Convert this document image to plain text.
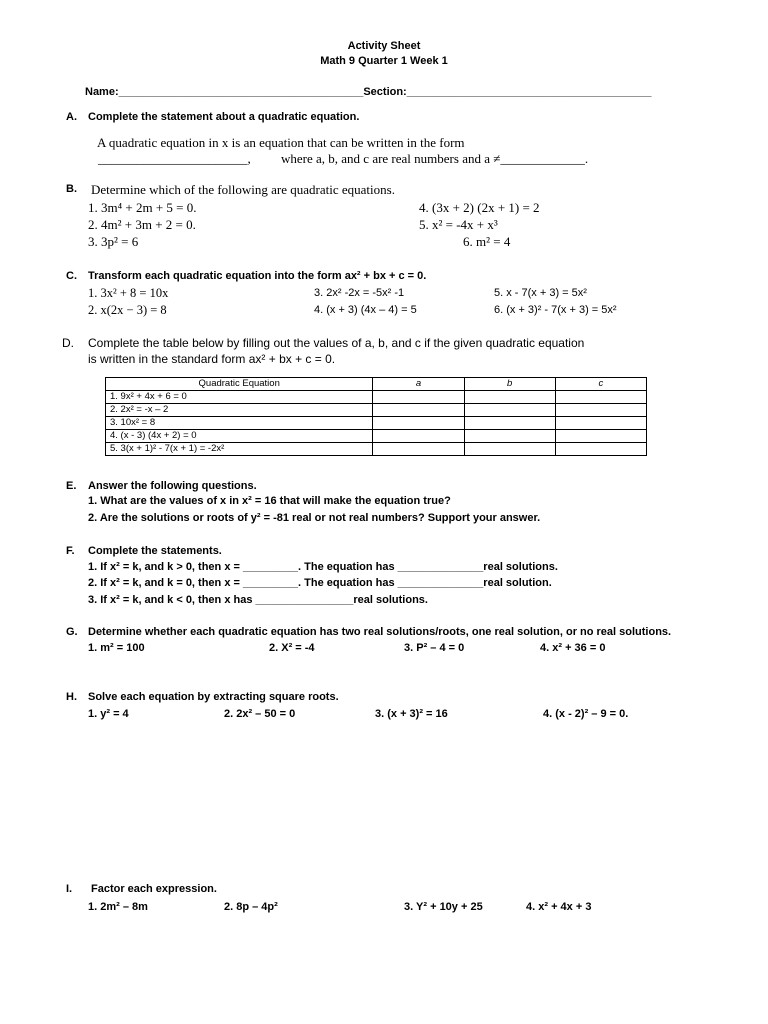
Activity Sheet
Math 9 Quarter 1 Week 1
Name:________________________________________Section:________________________________________
A. Complete the statement about a quadratic equation.
A quadratic equation in x is an equation that can be written in the form
_______________________, where a, b, and c are real numbers and a ≠_____________.
B. Determine which of the following are quadratic equations.
1. 3m⁴ + 2m + 5 = 0.
2. 4m² + 3m + 2 = 0.
3. 3p² = 6
4. (3x + 2) (2x + 1) = 2
5. x² = -4x + x³
6. m² = 4
C. Transform each quadratic equation into the form ax² + bx + c = 0.
1. 3x² + 8 = 10x
2. x(2x − 3) = 8
3. 2x² -2x = -5x² -1
4. (x + 3) (4x – 4) = 5
5. x - 7(x + 3) = 5x²
6. (x + 3)² - 7(x + 3) = 5x²
D. Complete the table below by filling out the values of a, b, and c if the given quadratic equation
is written in the standard form ax² + bx + c = 0.
Quadratic Equation	a	b	c
1. 9x² + 4x + 6 = 0			
2. 2x² = -x – 2			
3. 10x² = 8			
4. (x - 3) (4x + 2) = 0			
5. 3(x + 1)² - 7(x + 1) = -2x²			
E. Answer the following questions.
1. What are the values of x in x² = 16 that will make the equation true?
2. Are the solutions or roots of y² = -81 real or not real numbers? Support your answer.
F. Complete the statements.
1. If x² = k, and k > 0, then x = _________. The equation has ______________real solutions.
2. If x² = k, and k = 0, then x = _________. The equation has ______________real solution.
3. If x² = k, and k < 0, then x has ________________real solutions.
G. Determine whether each quadratic equation has two real solutions/roots, one real solution, or no real solutions.
1. m² = 100	2. X² = -4	3. P² – 4 = 0	4. x² + 36 = 0
H. Solve each equation by extracting square roots.
1. y² = 4	2. 2x² – 50 = 0	3. (x + 3)² = 16	4. (x - 2)² – 9 = 0.
I. Factor each expression.
1. 2m² – 8m	2. 8p – 4p²	3. Y² + 10y + 25	4. x² + 4x + 3
